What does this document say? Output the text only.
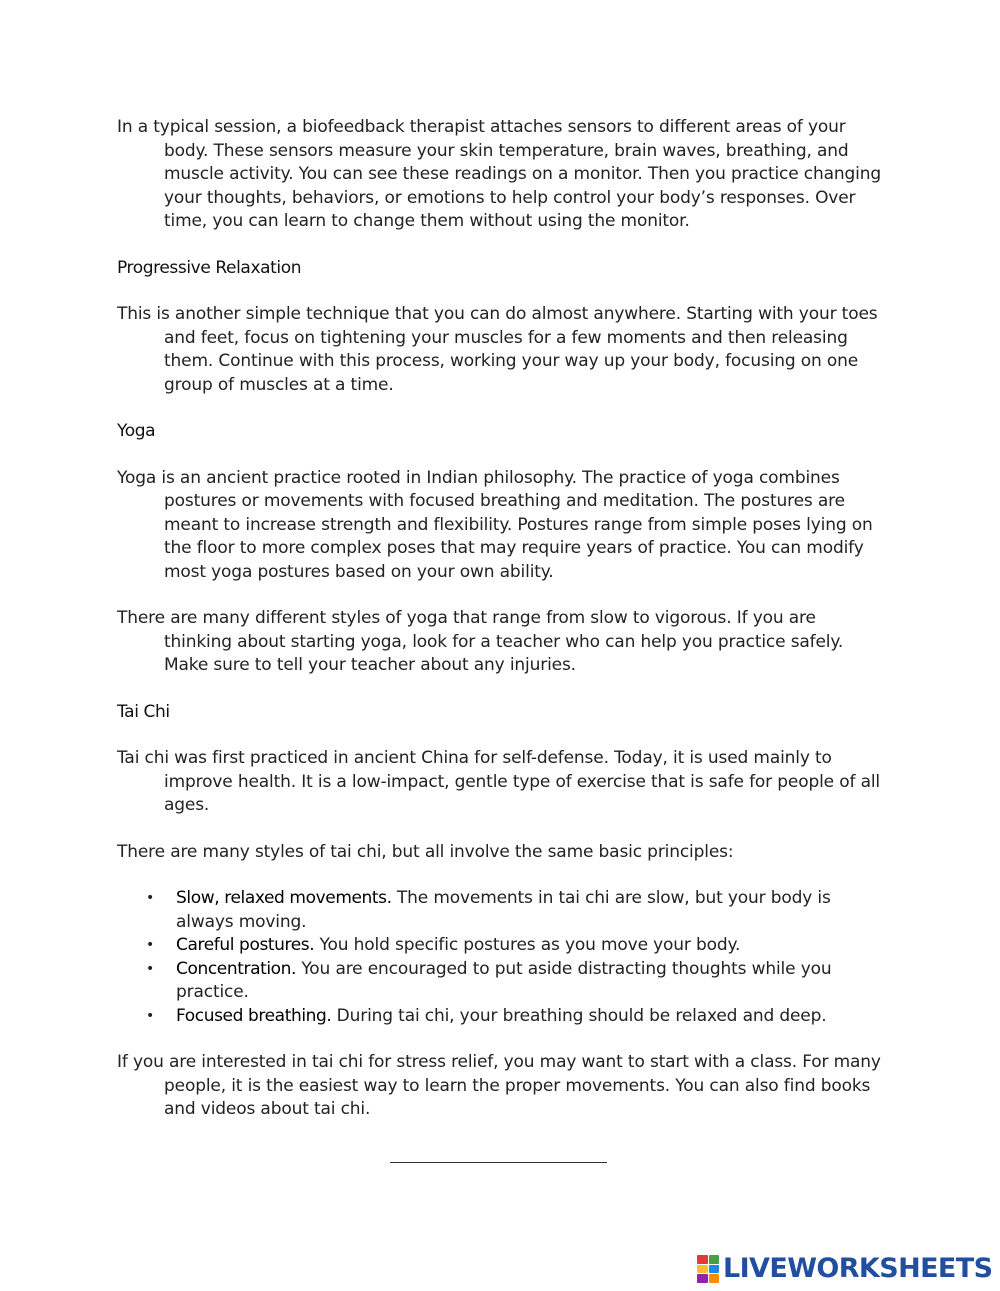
In a typical session, a biofeedback therapist attaches sensors to different areas of your body. These sensors measure your skin temperature, brain waves, breathing, and muscle activity. You can see these readings on a monitor. Then you practice changing your thoughts, behaviors, or emotions to help control your body’s responses. Over time, you can learn to change them without using the monitor.

Progressive Relaxation

This is another simple technique that you can do almost anywhere. Starting with your toes and feet, focus on tightening your muscles for a few moments and then releasing them. Continue with this process, working your way up your body, focusing on one group of muscles at a time.

Yoga

Yoga is an ancient practice rooted in Indian philosophy. The practice of yoga combines postures or movements with focused breathing and meditation. The postures are meant to increase strength and flexibility. Postures range from simple poses lying on the floor to more complex poses that may require years of practice. You can modify most yoga postures based on your own ability.

There are many different styles of yoga that range from slow to vigorous. If you are thinking about starting yoga, look for a teacher who can help you practice safely. Make sure to tell your teacher about any injuries.

Tai Chi

Tai chi was first practiced in ancient China for self-defense. Today, it is used mainly to improve health. It is a low-impact, gentle type of exercise that is safe for people of all ages.

There are many styles of tai chi, but all involve the same basic principles:

• Slow, relaxed movements. The movements in tai chi are slow, but your body is always moving.
• Careful postures. You hold specific postures as you move your body.
• Concentration. You are encouraged to put aside distracting thoughts while you practice.
• Focused breathing. During tai chi, your breathing should be relaxed and deep.

If you are interested in tai chi for stress relief, you may want to start with a class. For many people, it is the easiest way to learn the proper movements. You can also find books and videos about tai chi.

LIVEWORKSHEETS
